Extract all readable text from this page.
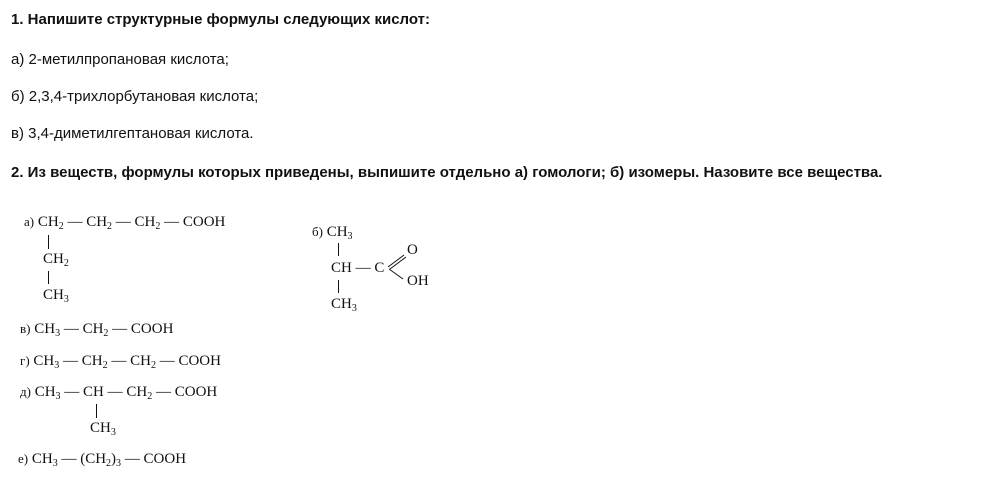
1. Напишите структурные формулы следующих кислот:
а) 2-метилпропановая кислота;
б) 2,3,4-трихлорбутановая кислота;
в) 3,4-диметилгептановая кислота.
2. Из веществ, формулы которых приведены, выпишите отдельно а) гомологи; б) изомеры. Назовите все вещества.
а) $CH_2$ — $CH_2$ — $CH_2$ — COOH
$CH_2$
$CH_3$
б) $CH_3$
CH — C
O
OH
$CH_3$
в) $CH_3$ — $CH_2$ — COOH
г) $CH_3$ — $CH_2$ — $CH_2$ — COOH
д) $CH_3$ — CH — $CH_2$ — COOH
$CH_3$
е) $CH_3$ — $(CH_2)_3$ — COOH
